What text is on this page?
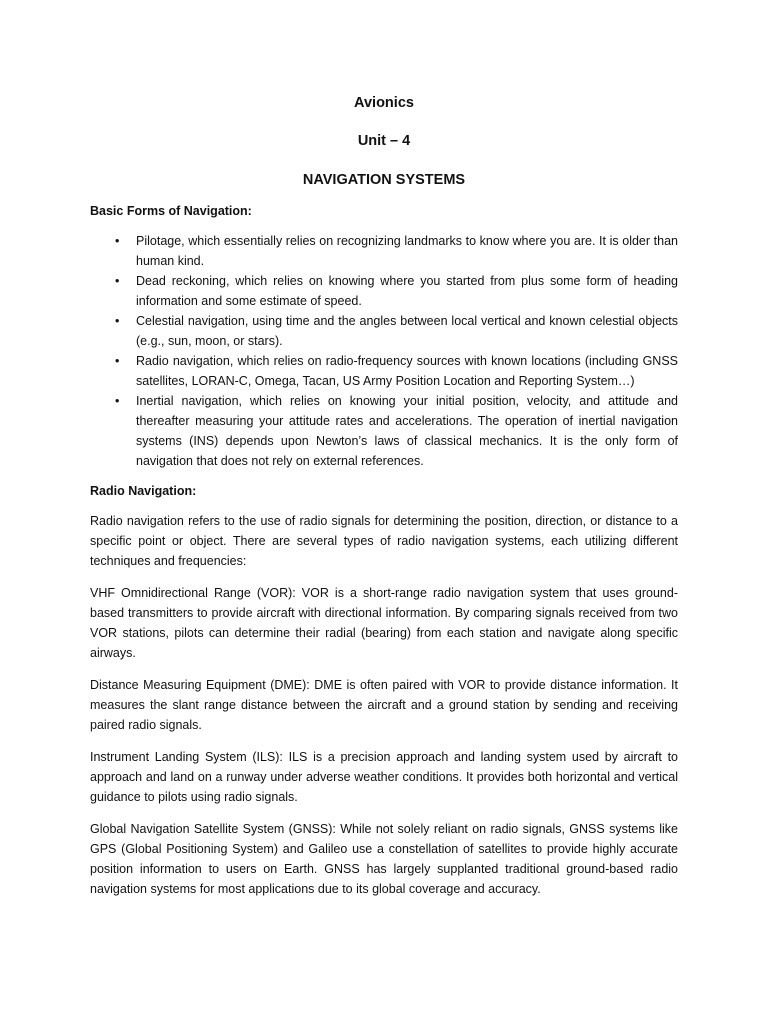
Avionics

Unit – 4

NAVIGATION SYSTEMS

Basic Forms of Navigation:

• Pilotage, which essentially relies on recognizing landmarks to know where you are. It is older than human kind.
• Dead reckoning, which relies on knowing where you started from plus some form of heading information and some estimate of speed.
• Celestial navigation, using time and the angles between local vertical and known celestial objects (e.g., sun, moon, or stars).
• Radio navigation, which relies on radio-frequency sources with known locations (including GNSS satellites, LORAN-C, Omega, Tacan, US Army Position Location and Reporting System…)
• Inertial navigation, which relies on knowing your initial position, velocity, and attitude and thereafter measuring your attitude rates and accelerations. The operation of inertial navigation systems (INS) depends upon Newton’s laws of classical mechanics. It is the only form of navigation that does not rely on external references.

Radio Navigation:

Radio navigation refers to the use of radio signals for determining the position, direction, or distance to a specific point or object. There are several types of radio navigation systems, each utilizing different techniques and frequencies:

VHF Omnidirectional Range (VOR): VOR is a short-range radio navigation system that uses ground-based transmitters to provide aircraft with directional information. By comparing signals received from two VOR stations, pilots can determine their radial (bearing) from each station and navigate along specific airways.

Distance Measuring Equipment (DME): DME is often paired with VOR to provide distance information. It measures the slant range distance between the aircraft and a ground station by sending and receiving paired radio signals.

Instrument Landing System (ILS): ILS is a precision approach and landing system used by aircraft to approach and land on a runway under adverse weather conditions. It provides both horizontal and vertical guidance to pilots using radio signals.

Global Navigation Satellite System (GNSS): While not solely reliant on radio signals, GNSS systems like GPS (Global Positioning System) and Galileo use a constellation of satellites to provide highly accurate position information to users on Earth. GNSS has largely supplanted traditional ground-based radio navigation systems for most applications due to its global coverage and accuracy.
